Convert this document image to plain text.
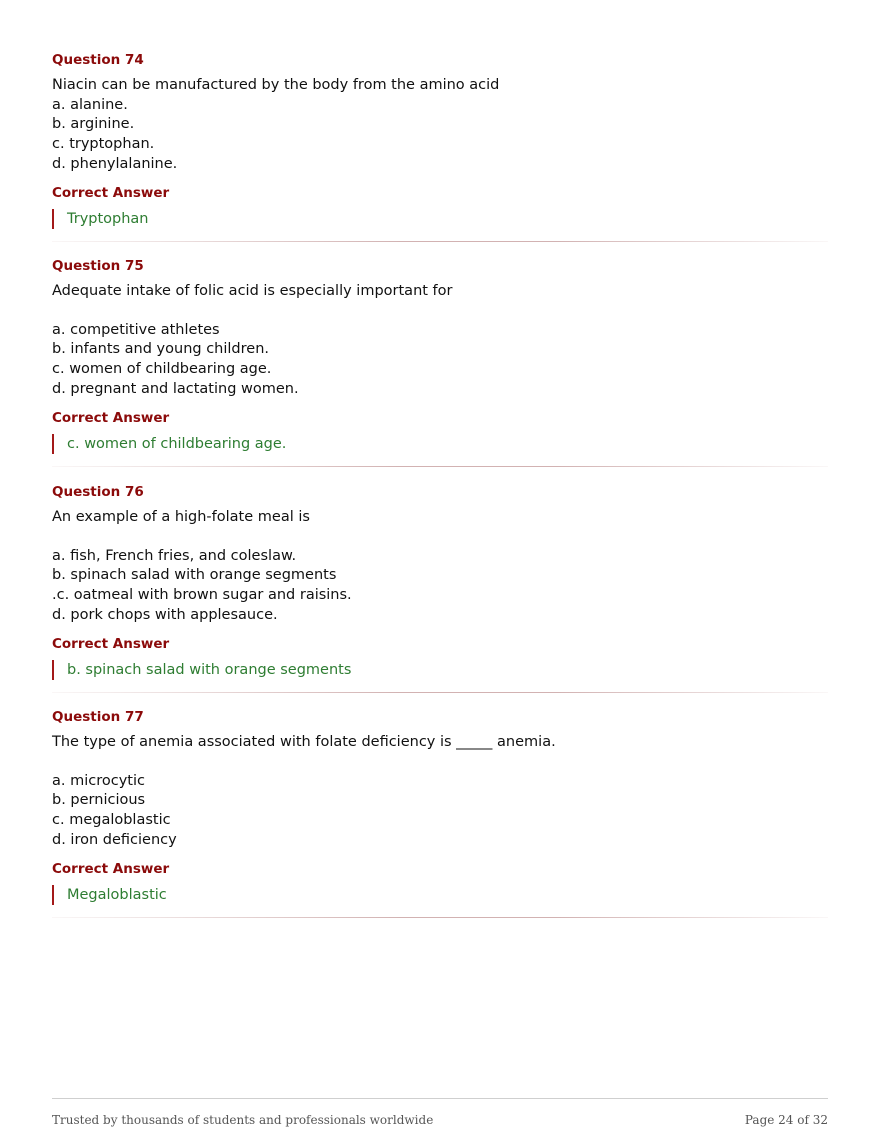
Question 74

Niacin can be manufactured by the body from the amino acid

a. alanine.
b. arginine.
c. tryptophan.
d. phenylalanine.
Correct Answer
Tryptophan
Question 75

Adequate intake of folic acid is especially important for

a. competitive athletes
b. infants and young children.
c. women of childbearing age.
d. pregnant and lactating women.
Correct Answer
c. women of childbearing age.
Question 76

An example of a high-folate meal is

a. fish, French fries, and coleslaw.
b. spinach salad with orange segments
.c. oatmeal with brown sugar and raisins.
d. pork chops with applesauce.
Correct Answer
b. spinach salad with orange segments
Question 77

The type of anemia associated with folate deficiency is _____ anemia.

a. microcytic
b. pernicious
c. megaloblastic
d. iron deficiency
Correct Answer
Megaloblastic
Trusted by thousands of students and professionals worldwide	Page 24 of 32
